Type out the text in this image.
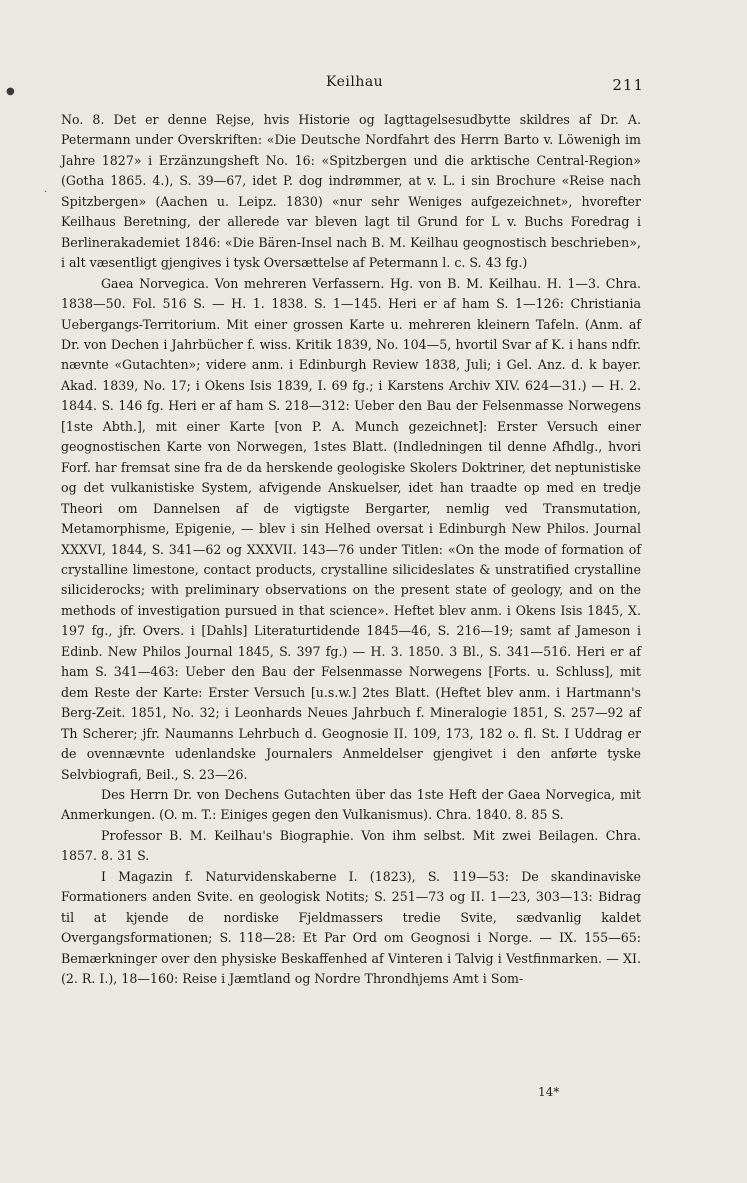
Keilhau	211
●
.

No. 8. Det er denne Rejse, hvis Historie og Iagttagelsesudbytte skildres af Dr. A. Petermann under Overskriften: «Die Deutsche Nordfahrt des Herrn Barto v. Löwenigh im Jahre 1827» i Erzänzungsheft No. 16: «Spitzbergen und die arktische Central-Region» (Gotha 1865. 4.), S. 39—67, idet P. dog indrømmer, at v. L. i sin Brochure «Reise nach Spitzbergen» (Aachen u. Leipz. 1830) «nur sehr Weniges aufgezeichnet», hvorefter Keilhaus Beretning, der allerede var bleven lagt til Grund for L v. Buchs Foredrag i Berlinerakademiet 1846: «Die Bären-Insel nach B. M. Keilhau geognostisch beschrieben», i alt væsentligt gjengives i tysk Oversættelse af Petermann l. c. S. 43 fg.)

Gaea Norvegica. Von mehreren Verfassern. Hg. von B. M. Keilhau. H. 1—3. Chra. 1838—50. Fol. 516 S. — H. 1. 1838. S. 1—145. Heri er af ham S. 1—126: Christiania Uebergangs-Territorium. Mit einer grossen Karte u. mehreren kleinern Tafeln. (Anm. af Dr. von Dechen i Jahrbücher f. wiss. Kritik 1839, No. 104—5, hvortil Svar af K. i hans ndfr. nævnte «Gutachten»; videre anm. i Edinburgh Review 1838, Juli; i Gel. Anz. d. k bayer. Akad. 1839, No. 17; i Okens Isis 1839, I. 69 fg.; i Karstens Archiv XIV. 624—31.) — H. 2. 1844. S. 146 fg. Heri er af ham S. 218—312: Ueber den Bau der Felsenmasse Norwegens [1ste Abth.], mit einer Karte [von P. A. Munch gezeichnet]: Erster Versuch einer geognostischen Karte von Norwegen, 1stes Blatt. (Indledningen til denne Afhdlg., hvori Forf. har fremsat sine fra de da herskende geologiske Skolers Doktriner, det neptunistiske og det vulkanistiske System, afvigende Anskuelser, idet han traadte op med en tredje Theori om Dannelsen af de vigtigste Bergarter, nemlig ved Transmutation, Metamorphisme, Epigenie, — blev i sin Helhed oversat i Edinburgh New Philos. Journal XXXVI, 1844, S. 341—62 og XXXVII. 143—76 under Titlen: «On the mode of formation of crystalline limestone, contact products, crystalline silicideslates & unstratified crystalline siliciderocks; with preliminary observations on the present state of geology, and on the methods of investigation pursued in that science». Heftet blev anm. i Okens Isis 1845, X. 197 fg., jfr. Overs. i [Dahls] Literaturtidende 1845—46, S. 216—19; samt af Jameson i Edinb. New Philos Journal 1845, S. 397 fg.) — H. 3. 1850. 3 Bl., S. 341—516. Heri er af ham S. 341—463: Ueber den Bau der Felsenmasse Norwegens [Forts. u. Schluss], mit dem Reste der Karte: Erster Versuch [u.s.w.] 2tes Blatt. (Heftet blev anm. i Hartmann's Berg-Zeit. 1851, No. 32; i Leonhards Neues Jahrbuch f. Mineralogie 1851, S. 257—92 af Th Scherer; jfr. Naumanns Lehrbuch d. Geognosie II. 109, 173, 182 o. fl. St. I Uddrag er de ovennævnte udenlandske Journalers Anmeldelser gjengivet i den anførte tyske Selvbiografi, Beil., S. 23—26.

Des Herrn Dr. von Dechens Gutachten über das 1ste Heft der Gaea Norvegica, mit Anmerkungen. (O. m. T.: Einiges gegen den Vulkanismus). Chra. 1840. 8. 85 S.

Professor B. M. Keilhau's Biographie. Von ihm selbst. Mit zwei Beilagen. Chra. 1857. 8. 31 S.

I Magazin f. Naturvidenskaberne I. (1823), S. 119—53: De skandinaviske Formationers anden Svite. en geologisk Notits; S. 251—73 og II. 1—23, 303—13: Bidrag til at kjende de nordiske Fjeldmassers tredie Svite, sædvanlig kaldet Overgangsformationen; S. 118—28: Et Par Ord om Geognosi i Norge. — IX. 155—65: Bemærkninger over den physiske Beskaffenhed af Vinteren i Talvig i Vestfinmarken. — XI. (2. R. I.), 18—160: Reise i Jæmtland og Nordre Throndhjems Amt i Som-

14*
